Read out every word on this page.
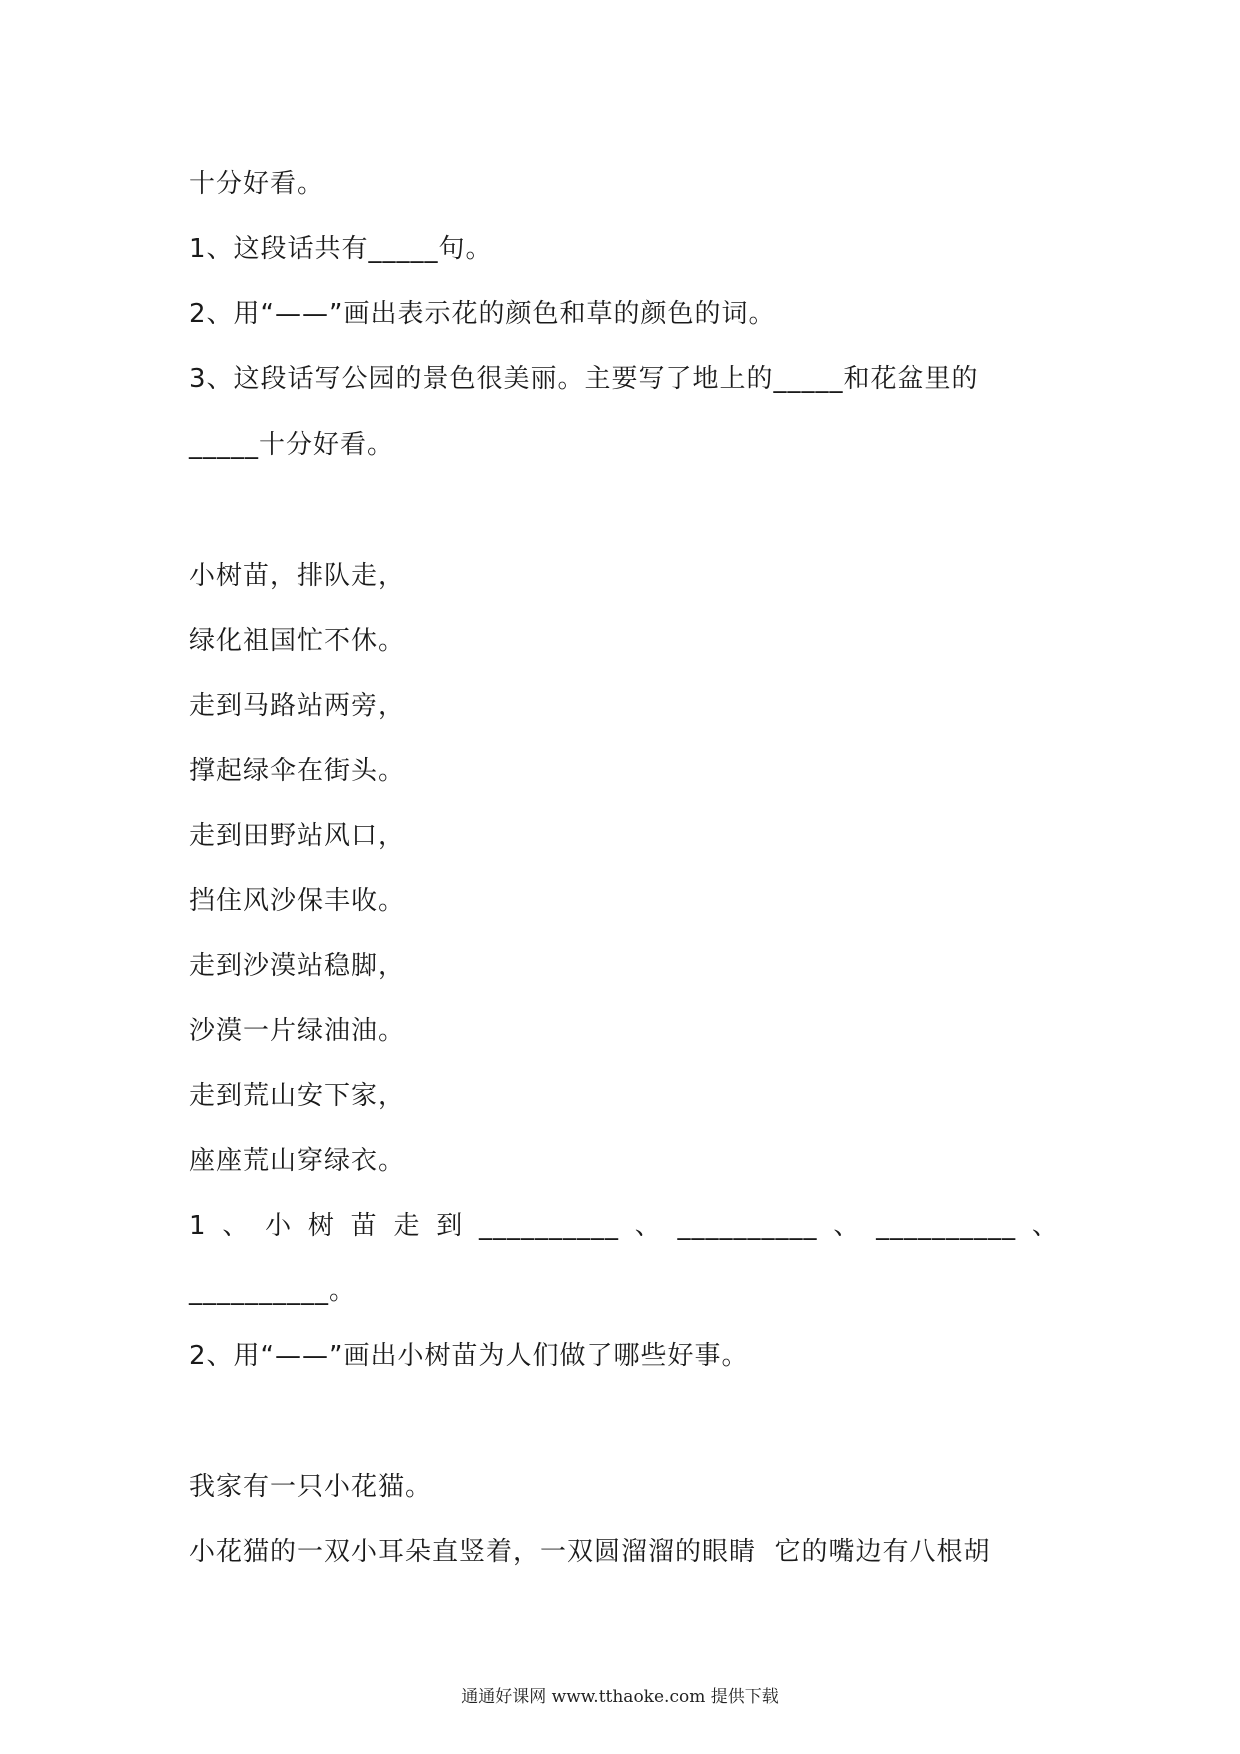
十分好看。
1、这段话共有_____句。
2、用“——”画出表示花的颜色和草的颜色的词。
3、这段话写公园的景色很美丽。主要写了地上的_____和花盆里的
_____十分好看。
小树苗，排队走，
绿化祖国忙不休。
走到马路站两旁，
撑起绿伞在街头。
走到田野站风口，
挡住风沙保丰收。
走到沙漠站稳脚，
沙漠一片绿油油。
走到荒山安下家，
座座荒山穿绿衣。
1 、 小 树 苗 走 到 __________ 、 __________ 、 __________ 、
__________。
2、用“——”画出小树苗为人们做了哪些好事。
我家有一只小花猫。
小花猫的一双小耳朵直竖着，一双圆溜溜的眼睛  它的嘴边有八根胡
通通好课网 www.tthaoke.com 提供下载
